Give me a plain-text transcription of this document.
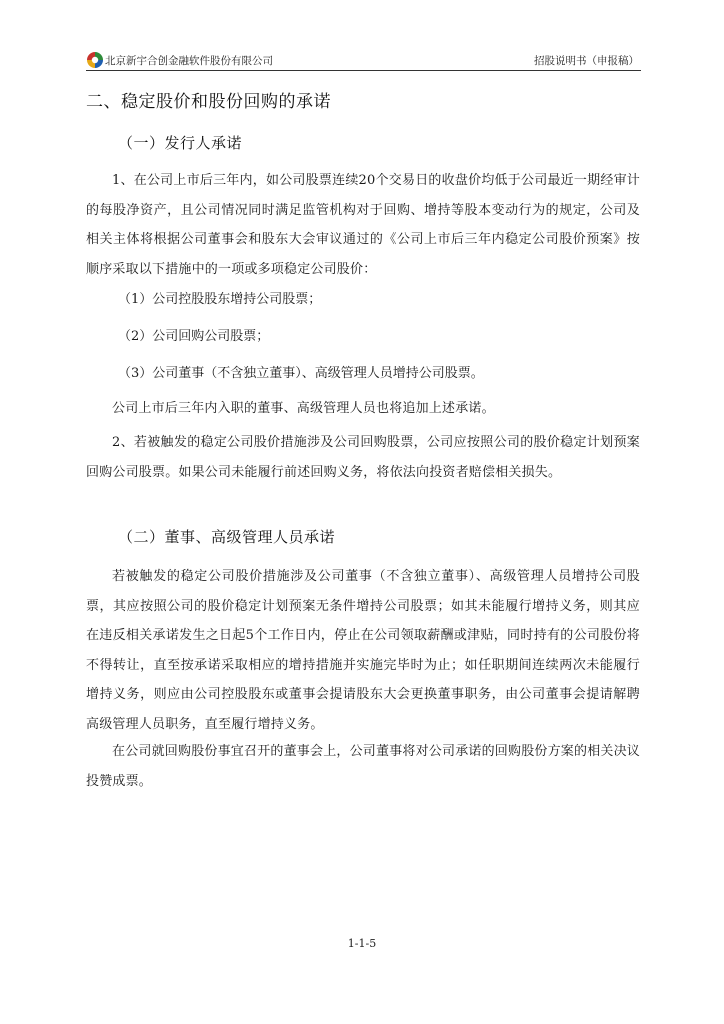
北京新宇合创金融软件股份有限公司	招股说明书（申报稿）
二、稳定股价和股份回购的承诺
（一）发行人承诺

1、在公司上市后三年内，如公司股票连续20个交易日的收盘价均低于公司最近一期经审计的每股净资产，且公司情况同时满足监管机构对于回购、增持等股本变动行为的规定，公司及相关主体将根据公司董事会和股东大会审议通过的《公司上市后三年内稳定公司股价预案》按顺序采取以下措施中的一项或多项稳定公司股价：

（1）公司控股股东增持公司股票；
（2）公司回购公司股票；
（3）公司董事（不含独立董事）、高级管理人员增持公司股票。

公司上市后三年内入职的董事、高级管理人员也将追加上述承诺。

2、若被触发的稳定公司股价措施涉及公司回购股票，公司应按照公司的股价稳定计划预案回购公司股票。如果公司未能履行前述回购义务，将依法向投资者赔偿相关损失。

（二）董事、高级管理人员承诺

若被触发的稳定公司股价措施涉及公司董事（不含独立董事）、高级管理人员增持公司股票，其应按照公司的股价稳定计划预案无条件增持公司股票；如其未能履行增持义务，则其应在违反相关承诺发生之日起5个工作日内，停止在公司领取薪酬或津贴，同时持有的公司股份将不得转让，直至按承诺采取相应的增持措施并实施完毕时为止；如任职期间连续两次未能履行增持义务，则应由公司控股股东或董事会提请股东大会更换董事职务，由公司董事会提请解聘高级管理人员职务，直至履行增持义务。

在公司就回购股份事宜召开的董事会上，公司董事将对公司承诺的回购股份方案的相关决议投赞成票。

1-1-5
